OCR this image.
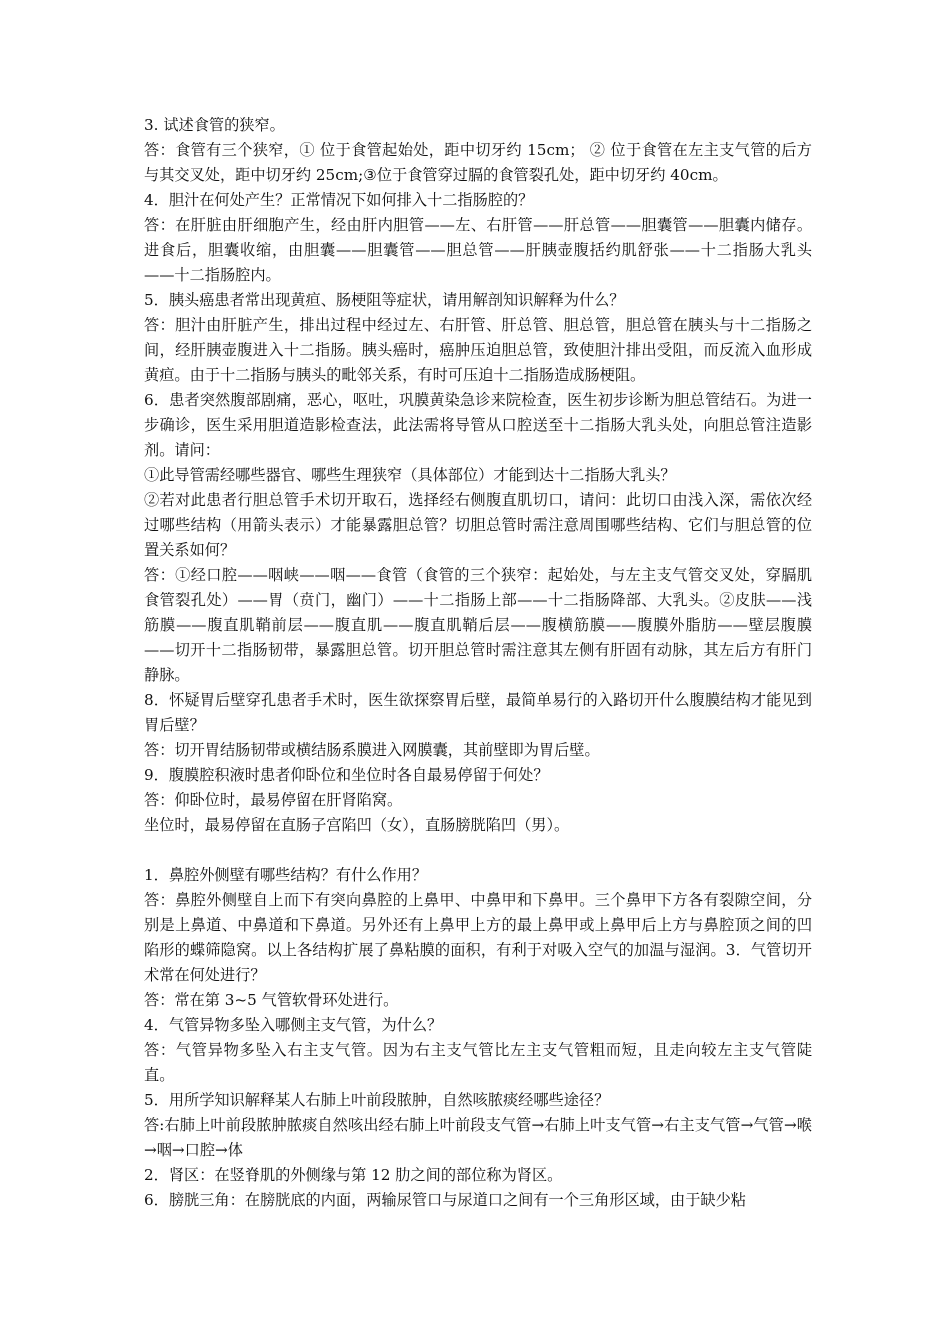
3. 试述食管的狭窄。

答：食管有三个狭窄，① 位于食管起始处，距中切牙约 15cm； ② 位于食管在左主支气管的后方与其交叉处，距中切牙约 25cm;③位于食管穿过膈的食管裂孔处，距中切牙约 40cm。

4．胆汁在何处产生？正常情况下如何排入十二指肠腔的？

答：在肝脏由肝细胞产生，经由肝内胆管——左、右肝管——肝总管——胆囊管——胆囊内储存。进食后，胆囊收缩，由胆囊——胆囊管——胆总管——肝胰壶腹括约肌舒张——十二指肠大乳头——十二指肠腔内。

5．胰头癌患者常出现黄疸、肠梗阻等症状，请用解剖知识解释为什么？

答：胆汁由肝脏产生，排出过程中经过左、右肝管、肝总管、胆总管，胆总管在胰头与十二指肠之间，经肝胰壶腹进入十二指肠。胰头癌时，癌肿压迫胆总管，致使胆汁排出受阻，而反流入血形成黄疸。由于十二指肠与胰头的毗邻关系，有时可压迫十二指肠造成肠梗阻。

6．患者突然腹部剧痛，恶心，呕吐，巩膜黄染急诊来院检查，医生初步诊断为胆总管结石。为进一步确诊，医生采用胆道造影检查法，此法需将导管从口腔送至十二指肠大乳头处，向胆总管注造影剂。请问：

①此导管需经哪些器官、哪些生理狭窄（具体部位）才能到达十二指肠大乳头？

②若对此患者行胆总管手术切开取石，选择经右侧腹直肌切口，请问：此切口由浅入深，需依次经过哪些结构（用箭头表示）才能暴露胆总管？切胆总管时需注意周围哪些结构、它们与胆总管的位置关系如何？

答：①经口腔——咽峡——咽——食管（食管的三个狭窄：起始处，与左主支气管交叉处，穿膈肌食管裂孔处）——胃（贲门，幽门）——十二指肠上部——十二指肠降部、大乳头。②皮肤——浅筋膜——腹直肌鞘前层——腹直肌——腹直肌鞘后层——腹横筋膜——腹膜外脂肪——壁层腹膜——切开十二指肠韧带，暴露胆总管。切开胆总管时需注意其左侧有肝固有动脉，其左后方有肝门静脉。

8．怀疑胃后壁穿孔患者手术时，医生欲探察胃后壁，最简单易行的入路切开什么腹膜结构才能见到胃后壁？

答：切开胃结肠韧带或横结肠系膜进入网膜囊，其前壁即为胃后壁。

9．腹膜腔积液时患者仰卧位和坐位时各自最易停留于何处？

答：仰卧位时，最易停留在肝肾陷窝。

坐位时，最易停留在直肠子宫陷凹（女），直肠膀胱陷凹（男）。

1．鼻腔外侧壁有哪些结构？有什么作用？

答：鼻腔外侧壁自上而下有突向鼻腔的上鼻甲、中鼻甲和下鼻甲。三个鼻甲下方各有裂隙空间，分别是上鼻道、中鼻道和下鼻道。另外还有上鼻甲上方的最上鼻甲或上鼻甲后上方与鼻腔顶之间的凹陷形的蝶筛隐窝。以上各结构扩展了鼻粘膜的面积，有利于对吸入空气的加温与湿润。3．气管切开术常在何处进行？

答：常在第 3~5 气管软骨环处进行。

4．气管异物多坠入哪侧主支气管，为什么？

答：气管异物多坠入右主支气管。因为右主支气管比左主支气管粗而短，且走向较左主支气管陡直。

5．用所学知识解释某人右肺上叶前段脓肿，自然咳脓痰经哪些途径？

答:右肺上叶前段脓肿脓痰自然咳出经右肺上叶前段支气管→右肺上叶支气管→右主支气管→气管→喉→咽→口腔→体

2．肾区：在竖脊肌的外侧缘与第 12 肋之间的部位称为肾区。

6．膀胱三角：在膀胱底的内面，两输尿管口与尿道口之间有一个三角形区域，由于缺少粘
